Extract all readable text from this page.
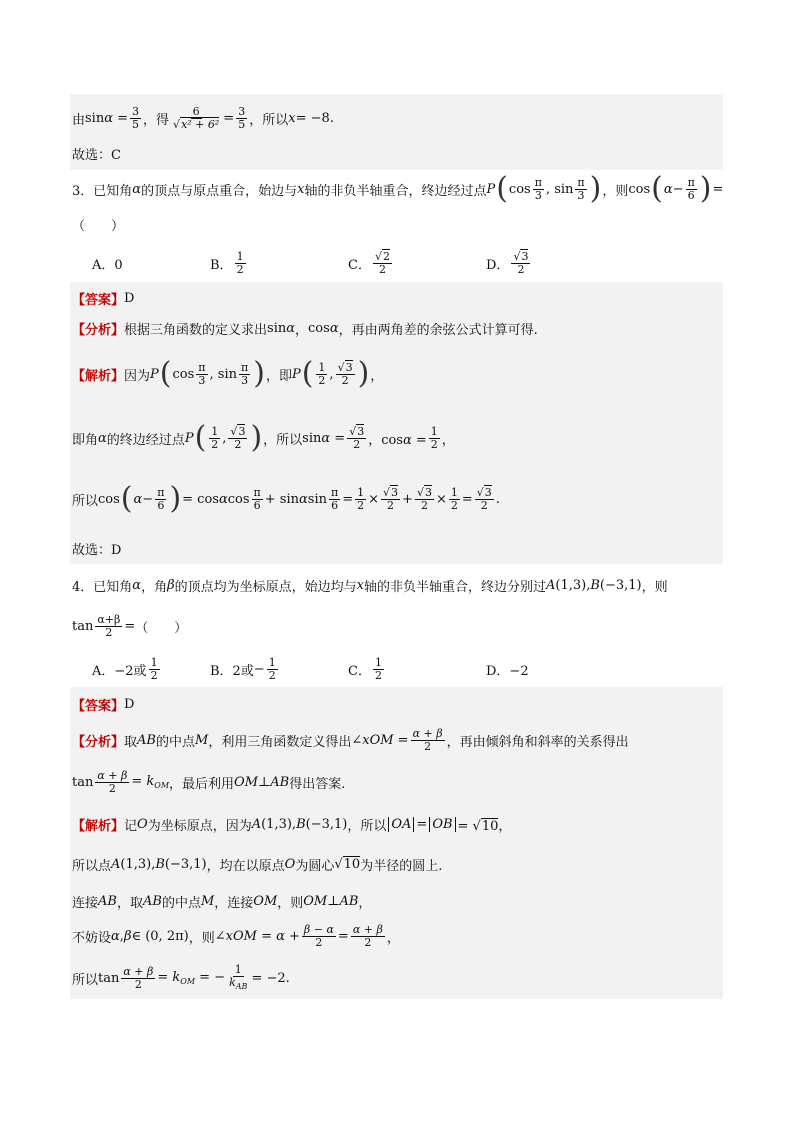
由 $\sin\alpha = \frac{3}{5}$ ，得 $\frac{6}{\text{√x² + 6²}} = \frac{3}{5}$ ，所以 x = −8.
故选：C
3． 已知角 α 的顶点与原点重合，始边与 x 轴的非负半轴重合，终边经过点 P ( $\cos \frac{\pi}{3}$ , $\sin \frac{\pi}{3}$ ) ，则 cos ( $\alpha - \frac{\pi}{6}$ ) =
（　　）
A．0	B． $\frac{1}{2}$	C． $\frac{√2}{2}$	D． $\frac{√3}{2}$
【答案】 D
【分析】 根据三角函数的定义求出 sinα ， cosα ，再由两角差的余弦公式计算可得.
【解析】 因为 P ( $\cos \frac{\pi}{3}$ , $\sin \frac{\pi}{3}$ ) ，即 P ( $\frac{1}{2}$ , $\frac{√3}{2}$ ) ，
即角 α 的终边经过点 P ( $\frac{1}{2}$ , $\frac{√3}{2}$ ) ，所以 $\sin\alpha = \frac{√3}{2}$ ，$\cos\alpha = \frac{1}{2}$ ，
所以 cos ( $\alpha - \frac{\pi}{6}$ ) = cosαcos $\frac{\pi}{6} + \sin\alpha\sin \frac{\pi}{6} = \frac{1}{2} \times \frac{√3}{2} + \frac{√3}{2} \times \frac{1}{2} = \frac{√3}{2}$ .
故选：D
4． 已知角 α ，角 β 的顶点均为坐标原点，始边均与 x 轴的非负半轴重合，终边分别过 A (1,3), B (−3,1) ，则
$\tan \frac{\alpha+\beta}{2}$ = （　　）
A．−2或 $\frac{1}{2}$	B．2或 − $\frac{1}{2}$	C． $\frac{1}{2}$	D．−2
【答案】 D
【分析】 取 AB 的中点 M ，利用三角函数定义得出 ∠xOM = $\frac{\alpha + \beta}{2}$ ，再由倾斜角和斜率的关系得出
$\tan \frac{\alpha + \beta}{2} = k_{OM}$ ，最后利用 OM ⊥ AB 得出答案.
【解析】 记 O 为坐标原点，因为 A (1,3), B (−3,1) ，所以 OA = OB = √10，
所以点 A (1,3), B (−3,1) ，均在以原点 O 为圆心 √10 为半径的圆上.
连接 AB ，取 AB 的中点 M ，连接 OM ，则 OM ⊥ AB ，
不妨设 α , β ∈ (0, 2π) ，则 ∠xOM = $\alpha + \frac{\beta - \alpha}{2} = \frac{\alpha + \beta}{2}$ ，
所以 $\tan \frac{\alpha + \beta}{2} = k_{OM}$ = − $\frac{1}{k_{AB}} = -2$.
